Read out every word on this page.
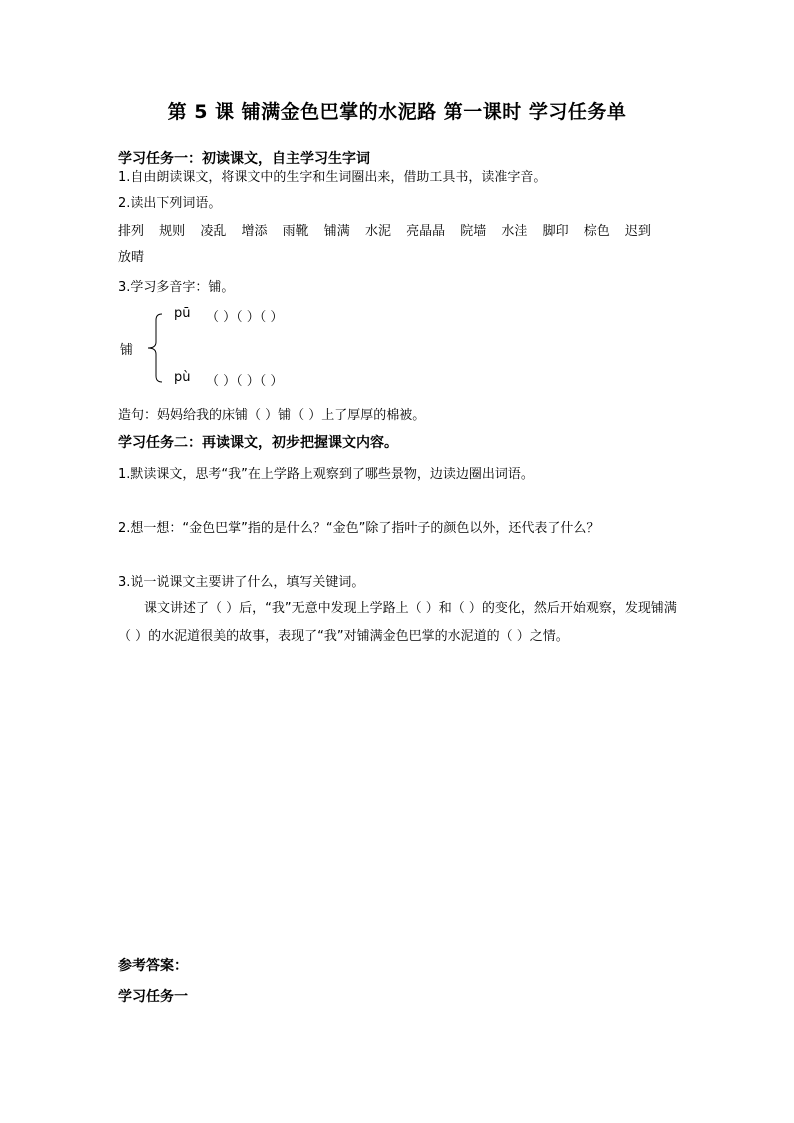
第 5 课 铺满金色巴掌的水泥路 第一课时 学习任务单
学习任务一：初读课文，自主学习生字词
1.自由朗读课文，将课文中的生字和生词圈出来，借助工具书，读准字音。
2.读出下列词语。
排列 规则 凌乱 增添 雨靴 铺满 水泥 亮晶晶 院墙 水洼 脚印 棕色 迟到 放晴
3.学习多音字：铺。
铺
pū （ ）（ ）（ ）
pù （ ）（ ）（ ）
造句：妈妈给我的床铺（ ）铺（ ）上了厚厚的棉被。
学习任务二：再读课文，初步把握课文内容。
1.默读课文，思考“我”在上学路上观察到了哪些景物，边读边圈出词语。
2.想一想：“金色巴掌”指的是什么？“金色”除了指叶子的颜色以外，还代表了什么？
3.说一说课文主要讲了什么，填写关键词。
课文讲述了（ ）后，“我”无意中发现上学路上（ ）和（ ）的变化，然后开始观察，发现铺满（ ）的水泥道很美的故事，表现了“我”对铺满金色巴掌的水泥道的（ ）之情。
参考答案：
学习任务一
